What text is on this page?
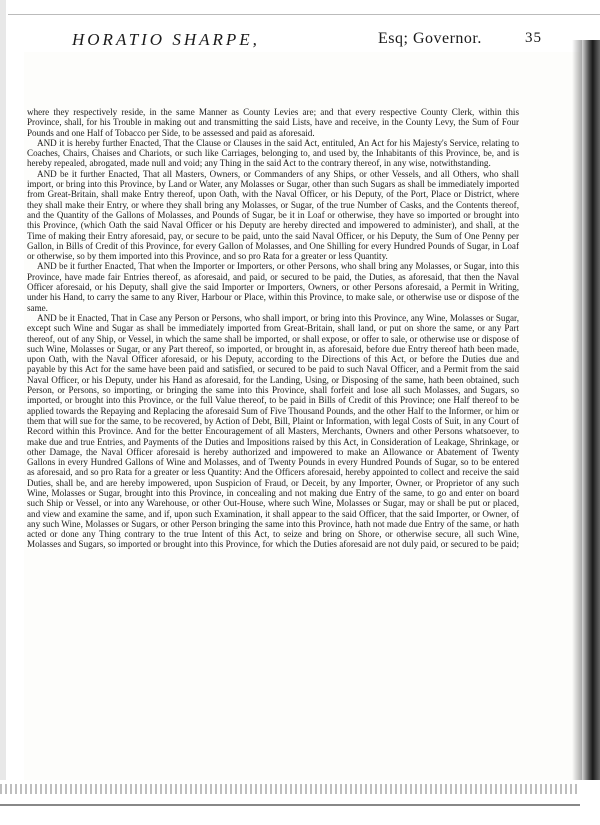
HORATIO SHARPE,	Esq; Governor.	35

where they respectively reside, in the same Manner as County Levies are; and that every respective County Clerk, within this Province, shall, for his Trouble in making out and transmitting the said Lists, have and receive, in the County Levy, the Sum of Four Pounds and one Half of Tobacco per Side, to be assessed and paid as aforesaid.

AND it is hereby further Enacted, That the Clause or Clauses in the said Act, entituled, An Act for his Majesty's Service, relating to Coaches, Chairs, Chaises and Chariots, or such like Carriages, belonging to, and used by, the Inhabitants of this Province, be, and is hereby repealed, abrogated, made null and void; any Thing in the said Act to the contrary thereof, in any wise, notwithstanding.

AND be it further Enacted, That all Masters, Owners, or Commanders of any Ships, or other Vessels, and all Others, who shall import, or bring into this Province, by Land or Water, any Molasses or Sugar, other than such Sugars as shall be immediately imported from Great-Britain, shall make Entry thereof, upon Oath, with the Naval Officer, or his Deputy, of the Port, Place or District, where they shall make their Entry, or where they shall bring any Molasses, or Sugar, of the true Number of Casks, and the Contents thereof, and the Quantity of the Gallons of Molasses, and Pounds of Sugar, be it in Loaf or otherwise, they have so imported or brought into this Province, (which Oath the said Naval Officer or his Deputy are hereby directed and impowered to administer), and shall, at the Time of making their Entry aforesaid, pay, or secure to be paid, unto the said Naval Officer, or his Deputy, the Sum of One Penny per Gallon, in Bills of Credit of this Province, for every Gallon of Molasses, and One Shilling for every Hundred Pounds of Sugar, in Loaf or otherwise, so by them imported into this Province, and so pro Rata for a greater or less Quantity.

AND be it further Enacted, That when the Importer or Importers, or other Persons, who shall bring any Molasses, or Sugar, into this Province, have made fair Entries thereof, as aforesaid, and paid, or secured to be paid, the Duties, as aforesaid, that then the Naval Officer aforesaid, or his Deputy, shall give the said Importer or Importers, Owners, or other Persons aforesaid, a Permit in Writing, under his Hand, to carry the same to any River, Harbour or Place, within this Province, to make sale, or otherwise use or dispose of the same.

AND be it Enacted, That in Case any Person or Persons, who shall import, or bring into this Province, any Wine, Molasses or Sugar, except such Wine and Sugar as shall be immediately imported from Great-Britain, shall land, or put on shore the same, or any Part thereof, out of any Ship, or Vessel, in which the same shall be imported, or shall expose, or offer to sale, or otherwise use or dispose of such Wine, Molasses or Sugar, or any Part thereof, so imported, or brought in, as aforesaid, before due Entry thereof hath been made, upon Oath, with the Naval Officer aforesaid, or his Deputy, according to the Directions of this Act, or before the Duties due and payable by this Act for the same have been paid and satisfied, or secured to be paid to such Naval Officer, and a Permit from the said Naval Officer, or his Deputy, under his Hand as aforesaid, for the Landing, Using, or Disposing of the same, hath been obtained, such Person, or Persons, so importing, or bringing the same into this Province, shall forfeit and lose all such Molasses, and Sugars, so imported, or brought into this Province, or the full Value thereof, to be paid in Bills of Credit of this Province; one Half thereof to be applied towards the Repaying and Replacing the aforesaid Sum of Five Thousand Pounds, and the other Half to the Informer, or him or them that will sue for the same, to be recovered, by Action of Debt, Bill, Plaint or Information, with legal Costs of Suit, in any Court of Record within this Province. And for the better Encouragement of all Masters, Merchants, Owners and other Persons whatsoever, to make due and true Entries, and Payments of the Duties and Impositions raised by this Act, in Consideration of Leakage, Shrinkage, or other Damage, the Naval Officer aforesaid is hereby authorized and impowered to make an Allowance or Abatement of Twenty Gallons in every Hundred Gallons of Wine and Molasses, and of Twenty Pounds in every Hundred Pounds of Sugar, so to be entered as aforesaid, and so pro Rata for a greater or less Quantity: And the Officers aforesaid, hereby appointed to collect and receive the said Duties, shall be, and are hereby impowered, upon Suspicion of Fraud, or Deceit, by any Importer, Owner, or Proprietor of any such Wine, Molasses or Sugar, brought into this Province, in concealing and not making due Entry of the same, to go and enter on board such Ship or Vessel, or into any Warehouse, or other Out-House, where such Wine, Molasses or Sugar, may or shall be put or placed, and view and examine the same, and if, upon such Examination, it shall appear to the said Officer, that the said Importer, or Owner, of any such Wine, Molasses or Sugars, or other Person bringing the same into this Province, hath not made due Entry of the same, or hath acted or done any Thing contrary to the true Intent of this Act, to seize and bring on Shore, or otherwise secure, all such Wine, Molasses and Sugars, so imported or brought into this Province, for which the Duties aforesaid are not duly paid, or secured to be paid;
